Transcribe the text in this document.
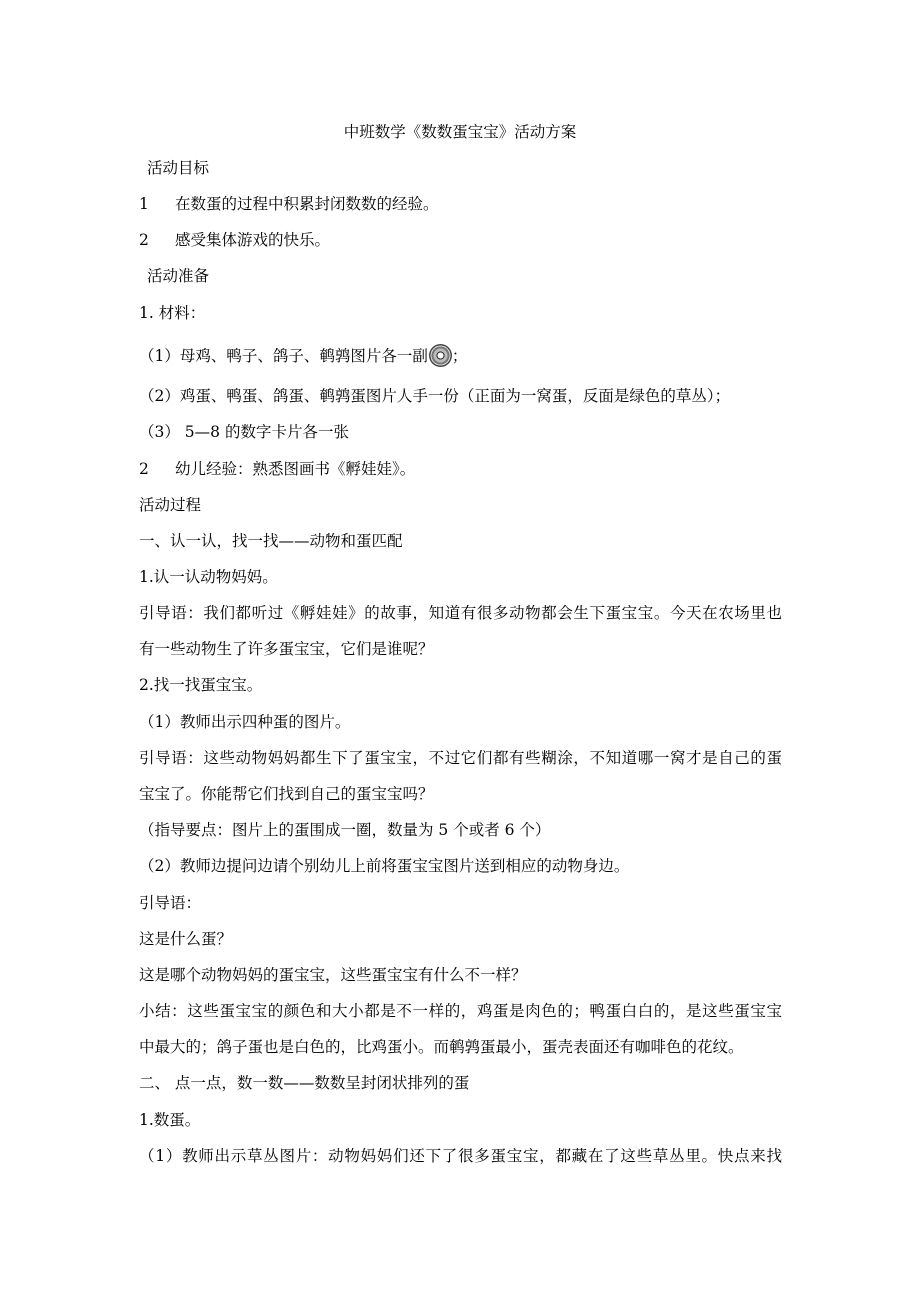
中班数学《数数蛋宝宝》活动方案
活动目标
1 在数蛋的过程中积累封闭数数的经验。
2 感受集体游戏的快乐。
活动准备
1. 材料：
（1）母鸡、鸭子、鸽子、鹌鹑图片各一副 ；
（2）鸡蛋、鸭蛋、鸽蛋、鹌鹑蛋图片人手一份（正面为一窝蛋，反面是绿色的草丛）；
（3） 5—8 的数字卡片各一张
2 幼儿经验：熟悉图画书《孵娃娃》。
活动过程
一、认一认，找一找——动物和蛋匹配
1.认一认动物妈妈。
引导语：我们都听过《孵娃娃》的故事，知道有很多动物都会生下蛋宝宝。今天在农场里也
有一些动物生了许多蛋宝宝，它们是谁呢？
2.找一找蛋宝宝。
（1）教师出示四种蛋的图片。
引导语：这些动物妈妈都生下了蛋宝宝，不过它们都有些糊涂，不知道哪一窝才是自己的蛋
宝宝了。你能帮它们找到自己的蛋宝宝吗？
（指导要点：图片上的蛋围成一圈，数量为 5 个或者 6 个）
（2）教师边提问边请个别幼儿上前将蛋宝宝图片送到相应的动物身边。
引导语：
这是什么蛋？
这是哪个动物妈妈的蛋宝宝，这些蛋宝宝有什么不一样？
小结：这些蛋宝宝的颜色和大小都是不一样的，鸡蛋是肉色的；鸭蛋白白的，是这些蛋宝宝
中最大的；鸽子蛋也是白色的，比鸡蛋小。而鹌鹑蛋最小，蛋壳表面还有咖啡色的花纹。
二、 点一点，数一数——数数呈封闭状排列的蛋
1.数蛋。
（1）教师出示草丛图片：动物妈妈们还下了很多蛋宝宝，都藏在了这些草丛里。快点来找
